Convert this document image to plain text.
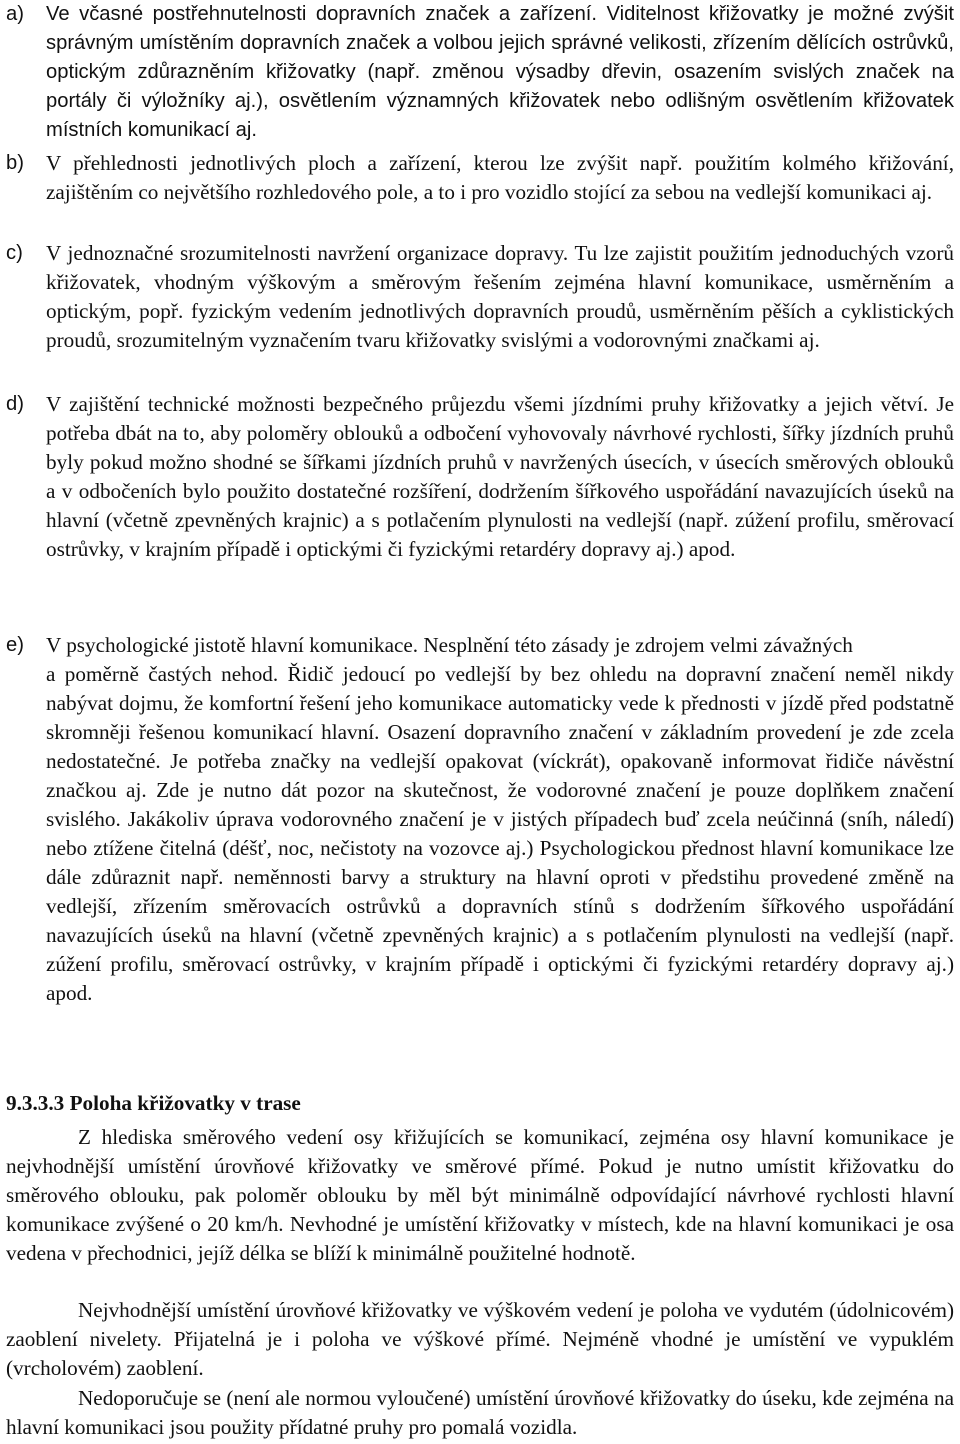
a)	Ve včasné postřehnutelnosti dopravních značek a zařízení. Viditelnost křižovatky je možné zvýšit správným umístěním dopravních značek a volbou jejich správné velikosti, zřízením dělících ostrůvků, optickým zdůrazněním křižovatky (např. změnou výsadby dřevin, osazením svislých značek na portály či výložníky aj.), osvětlením významných křižovatek nebo odlišným osvětlením křižovatek místních komunikací aj.
b)	V přehlednosti jednotlivých ploch a zařízení, kterou lze zvýšit např. použitím kolmého křižování, zajištěním co největšího rozhledového pole, a to i pro vozidlo stojící za sebou na vedlejší komunikaci aj.
c)	V jednoznačné srozumitelnosti navržení organizace dopravy. Tu lze zajistit použitím jednoduchých vzorů křižovatek, vhodným výškovým a směrovým řešením zejména hlavní komunikace, usměrněním a optickým, popř. fyzickým vedením jednotlivých dopravních proudů, usměrněním pěších a cyklistických proudů, srozumitelným vyznačením tvaru křižovatky svislými a vodorovnými značkami aj.
d)	V zajištění technické možnosti bezpečného průjezdu všemi jízdními pruhy křižovatky a jejich větví. Je potřeba dbát na to, aby poloměry oblouků a odbočení vyhovovaly návrhové rychlosti, šířky jízdních pruhů byly pokud možno shodné se šířkami jízdních pruhů v navržených úsecích, v úsecích směrových oblouků a v odbočeních bylo použito dostatečné rozšíření, dodržením šířkového uspořádání navazujících úseků na hlavní (včetně zpevněných krajnic) a s potlačením plynulosti na vedlejší (např. zúžení profilu, směrovací ostrůvky, v krajním případě i optickými či fyzickými retardéry dopravy aj.) apod.
e)	V psychologické jistotě hlavní komunikace. Nesplnění této zásady je zdrojem velmi závažných
a poměrně častých nehod. Řidič jedoucí po vedlejší by bez ohledu na dopravní značení neměl nikdy nabývat dojmu, že komfortní řešení jeho komunikace automaticky vede k přednosti v jízdě před podstatně skromněji řešenou komunikací hlavní. Osazení dopravního značení v základním provedení je zde zcela nedostatečné. Je potřeba značky na vedlejší opakovat (víckrát), opakovaně informovat řidiče návěstní značkou aj. Zde je nutno dát pozor na skutečnost, že vodorovné značení je pouze doplňkem značení svislého. Jakákoliv úprava vodorovného značení je v jistých případech buď zcela neúčinná (sníh, náledí) nebo ztížene čitelná (déšť, noc, nečistoty na vozovce aj.) Psychologickou přednost hlavní komunikace lze dále zdůraznit např. neměnnosti barvy a struktury na hlavní oproti v předstihu provedené změně na vedlejší, zřízením směrovacích ostrůvků a dopravních stínů s dodržením šířkového uspořádání navazujících úseků na hlavní (včetně zpevněných krajnic) a s potlačením plynulosti na vedlejší (např. zúžení profilu, směrovací ostrůvky, v krajním případě i optickými či fyzickými retardéry dopravy aj.) apod.
9.3.3.3 Poloha křižovatky v trase

Z hlediska směrového vedení osy křižujících se komunikací, zejména osy hlavní komunikace je nejvhodnější umístění úrovňové křižovatky ve směrové přímé. Pokud je nutno umístit křižovatku do směrového oblouku, pak poloměr oblouku by měl být minimálně odpovídající návrhové rychlosti hlavní komunikace zvýšené o 20 km/h. Nevhodné je umístění křižovatky v místech, kde na hlavní komunikaci je osa vedena v přechodnici, jejíž délka se blíží k minimálně použitelné hodnotě.

Nejvhodnější umístění úrovňové křižovatky ve výškovém vedení je poloha ve vydutém (údolnicovém) zaoblení nivelety. Přijatelná je i poloha ve výškové přímé. Nejméně vhodné je umístění ve vypuklém (vrcholovém) zaoblení.

Nedoporučuje se (není ale normou vyloučené) umístění úrovňové křižovatky do úseku, kde zejména na hlavní komunikaci jsou použity přídatné pruhy pro pomalá vozidla.
